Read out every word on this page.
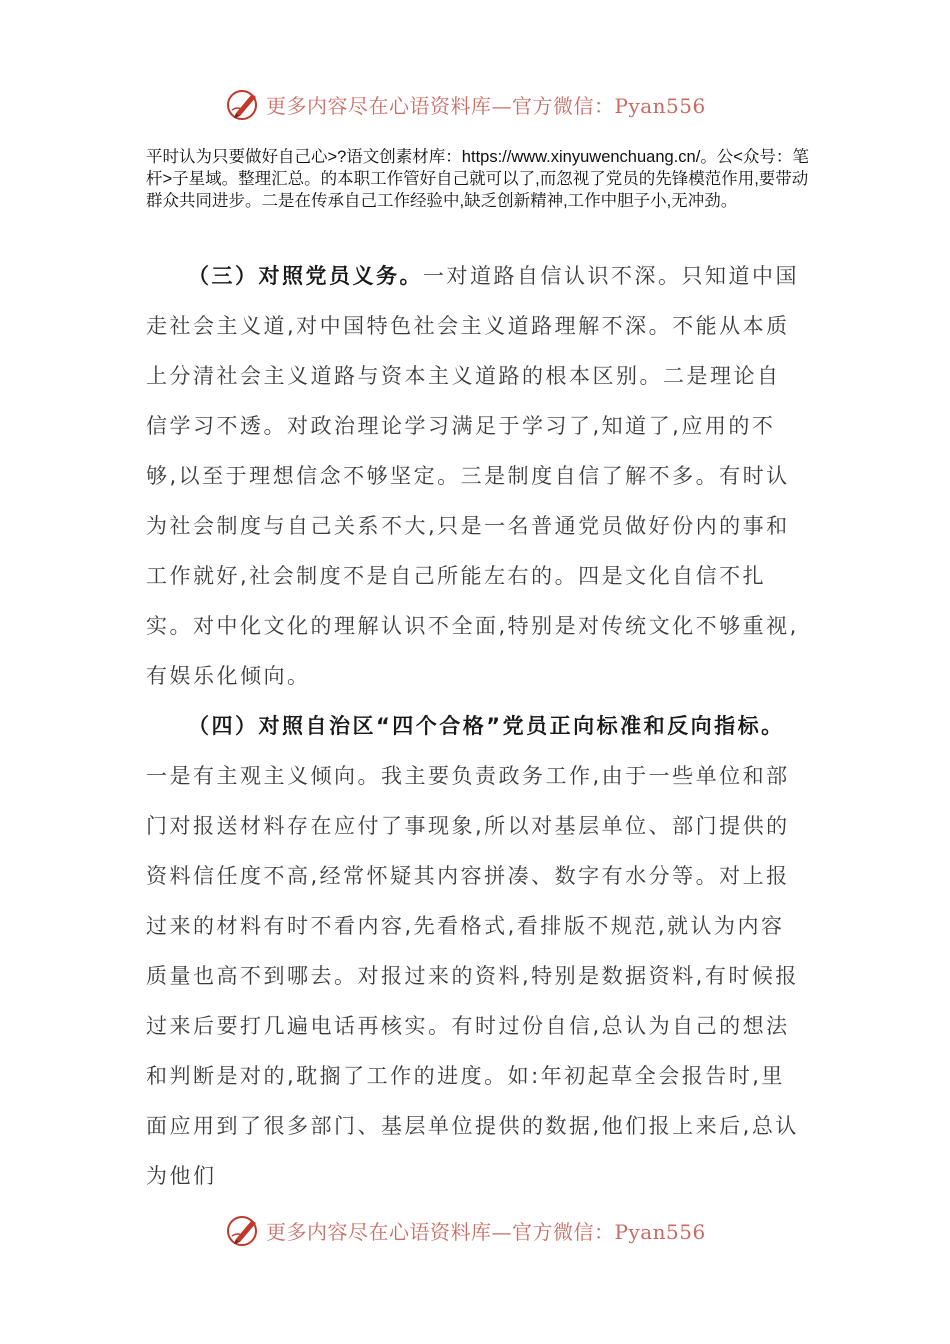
更多内容尽在心语资料库—官方微信：Pyan556

平时认为只要做好自己心>?语文创素材库：https://www.xinyuwenchuang.cn/。公<众号：笔杆>子星域。整理汇总。的本职工作管好自己就可以了,而忽视了党员的先锋模范作用,要带动群众共同进步。二是在传承自己工作经验中,缺乏创新精神,工作中胆子小,无冲劲。

（三）对照党员义务。一对道路自信认识不深。只知道中国走社会主义道,对中国特色社会主义道路理解不深。不能从本质上分清社会主义道路与资本主义道路的根本区别。二是理论自信学习不透。对政治理论学习满足于学习了,知道了,应用的不够,以至于理想信念不够坚定。三是制度自信了解不多。有时认为社会制度与自己关系不大,只是一名普通党员做好份内的事和工作就好,社会制度不是自己所能左右的。四是文化自信不扎实。对中化文化的理解认识不全面,特别是对传统文化不够重视,有娱乐化倾向。

（四）对照自治区“四个合格”党员正向标准和反向指标。一是有主观主义倾向。我主要负责政务工作,由于一些单位和部门对报送材料存在应付了事现象,所以对基层单位、部门提供的资料信任度不高,经常怀疑其内容拼凑、数字有水分等。对上报过来的材料有时不看内容,先看格式,看排版不规范,就认为内容质量也高不到哪去。对报过来的资料,特别是数据资料,有时候报过来后要打几遍电话再核实。有时过份自信,总认为自己的想法和判断是对的,耽搁了工作的进度。如:年初起草全会报告时,里面应用到了很多部门、基层单位提供的数据,他们报上来后,总认为他们

更多内容尽在心语资料库—官方微信：Pyan556
